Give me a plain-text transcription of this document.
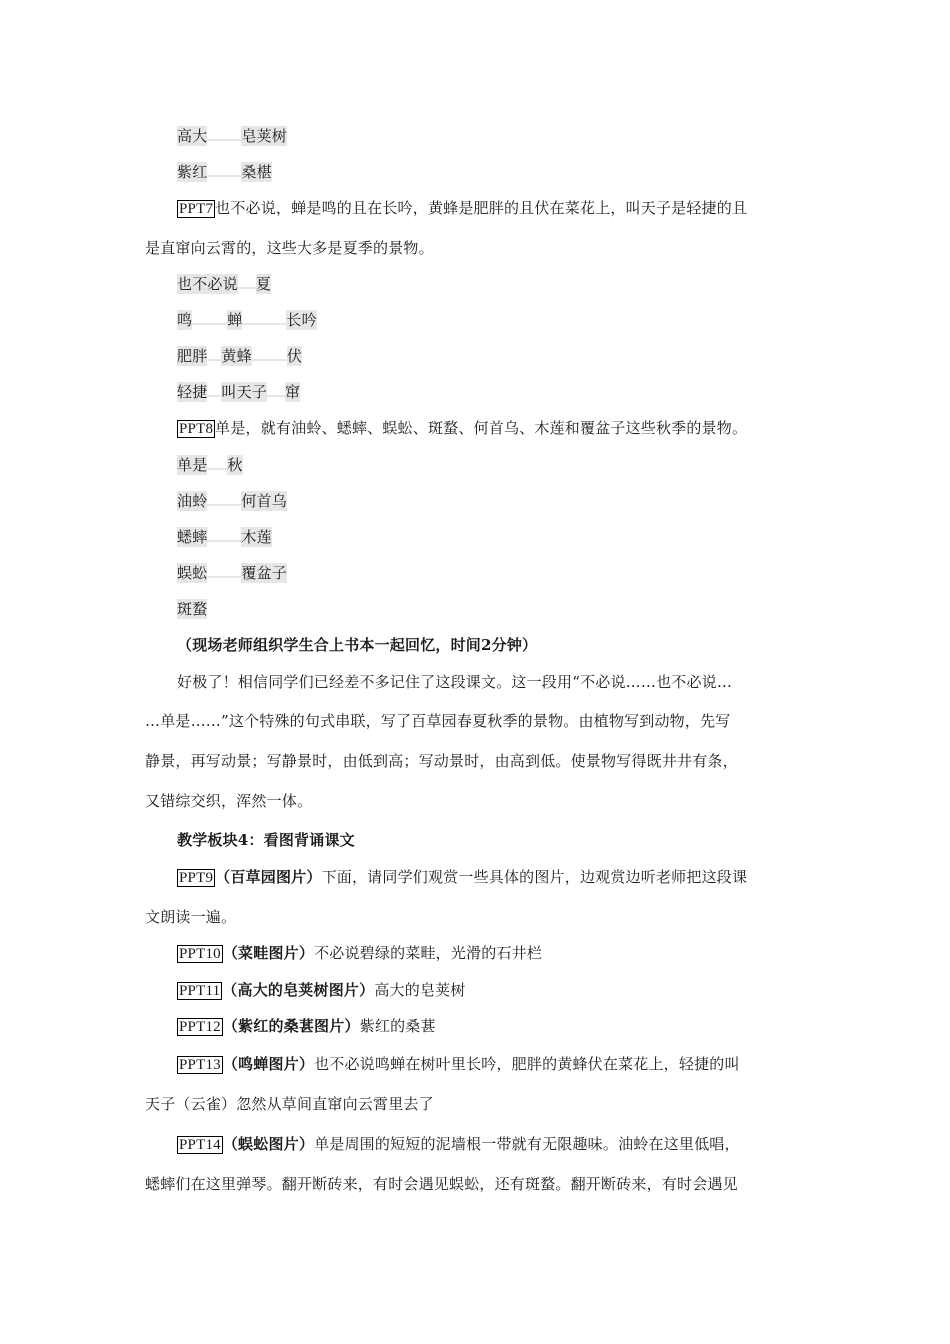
高大 皂荚树
紫红 桑椹
PPT7 也不必说，蝉是鸣的且在长吟，黄蜂是肥胖的且伏在菜花上，叫天子是轻捷的且
是直窜向云霄的，这些大多是夏季的景物。
也不必说 夏
鸣 蝉	长吟
肥胖 黄蜂 伏
轻捷 叫天子 窜
PPT8 单是，就有油蛉、蟋蟀、蜈蚣、斑蝥、何首乌、木莲和覆盆子这些秋季的景物。
单是 秋
油蛉 何首乌
蟋蟀 木莲
蜈蚣 覆盆子
斑蝥
（现场老师组织学生合上书本一起回忆，时间2分钟）
好极了！相信同学们已经差不多记住了这段课文。这一段用“不必说……也不必说…
…单是……”这个特殊的句式串联，写了百草园春夏秋季的景物。由植物写到动物，先写
静景，再写动景；写静景时，由低到高；写动景时，由高到低。使景物写得既井井有条，
又错综交织，浑然一体。
教学板块4：看图背诵课文
PPT9 （百草园图片）下面，请同学们观赏一些具体的图片，边观赏边听老师把这段课
文朗读一遍。
PPT10 （菜畦图片）不必说碧绿的菜畦，光滑的石井栏
PPT11 （高大的皂荚树图片）高大的皂荚树
PPT12 （紫红的桑葚图片）紫红的桑葚
PPT13 （鸣蝉图片）也不必说鸣蝉在树叶里长吟，肥胖的黄蜂伏在菜花上，轻捷的叫
天子（云雀）忽然从草间直窜向云霄里去了
PPT14 （蜈蚣图片）单是周围的短短的泥墙根一带就有无限趣味。油蛉在这里低唱，
蟋蟀们在这里弹琴。翻开断砖来，有时会遇见蜈蚣，还有斑蝥。翻开断砖来，有时会遇见
